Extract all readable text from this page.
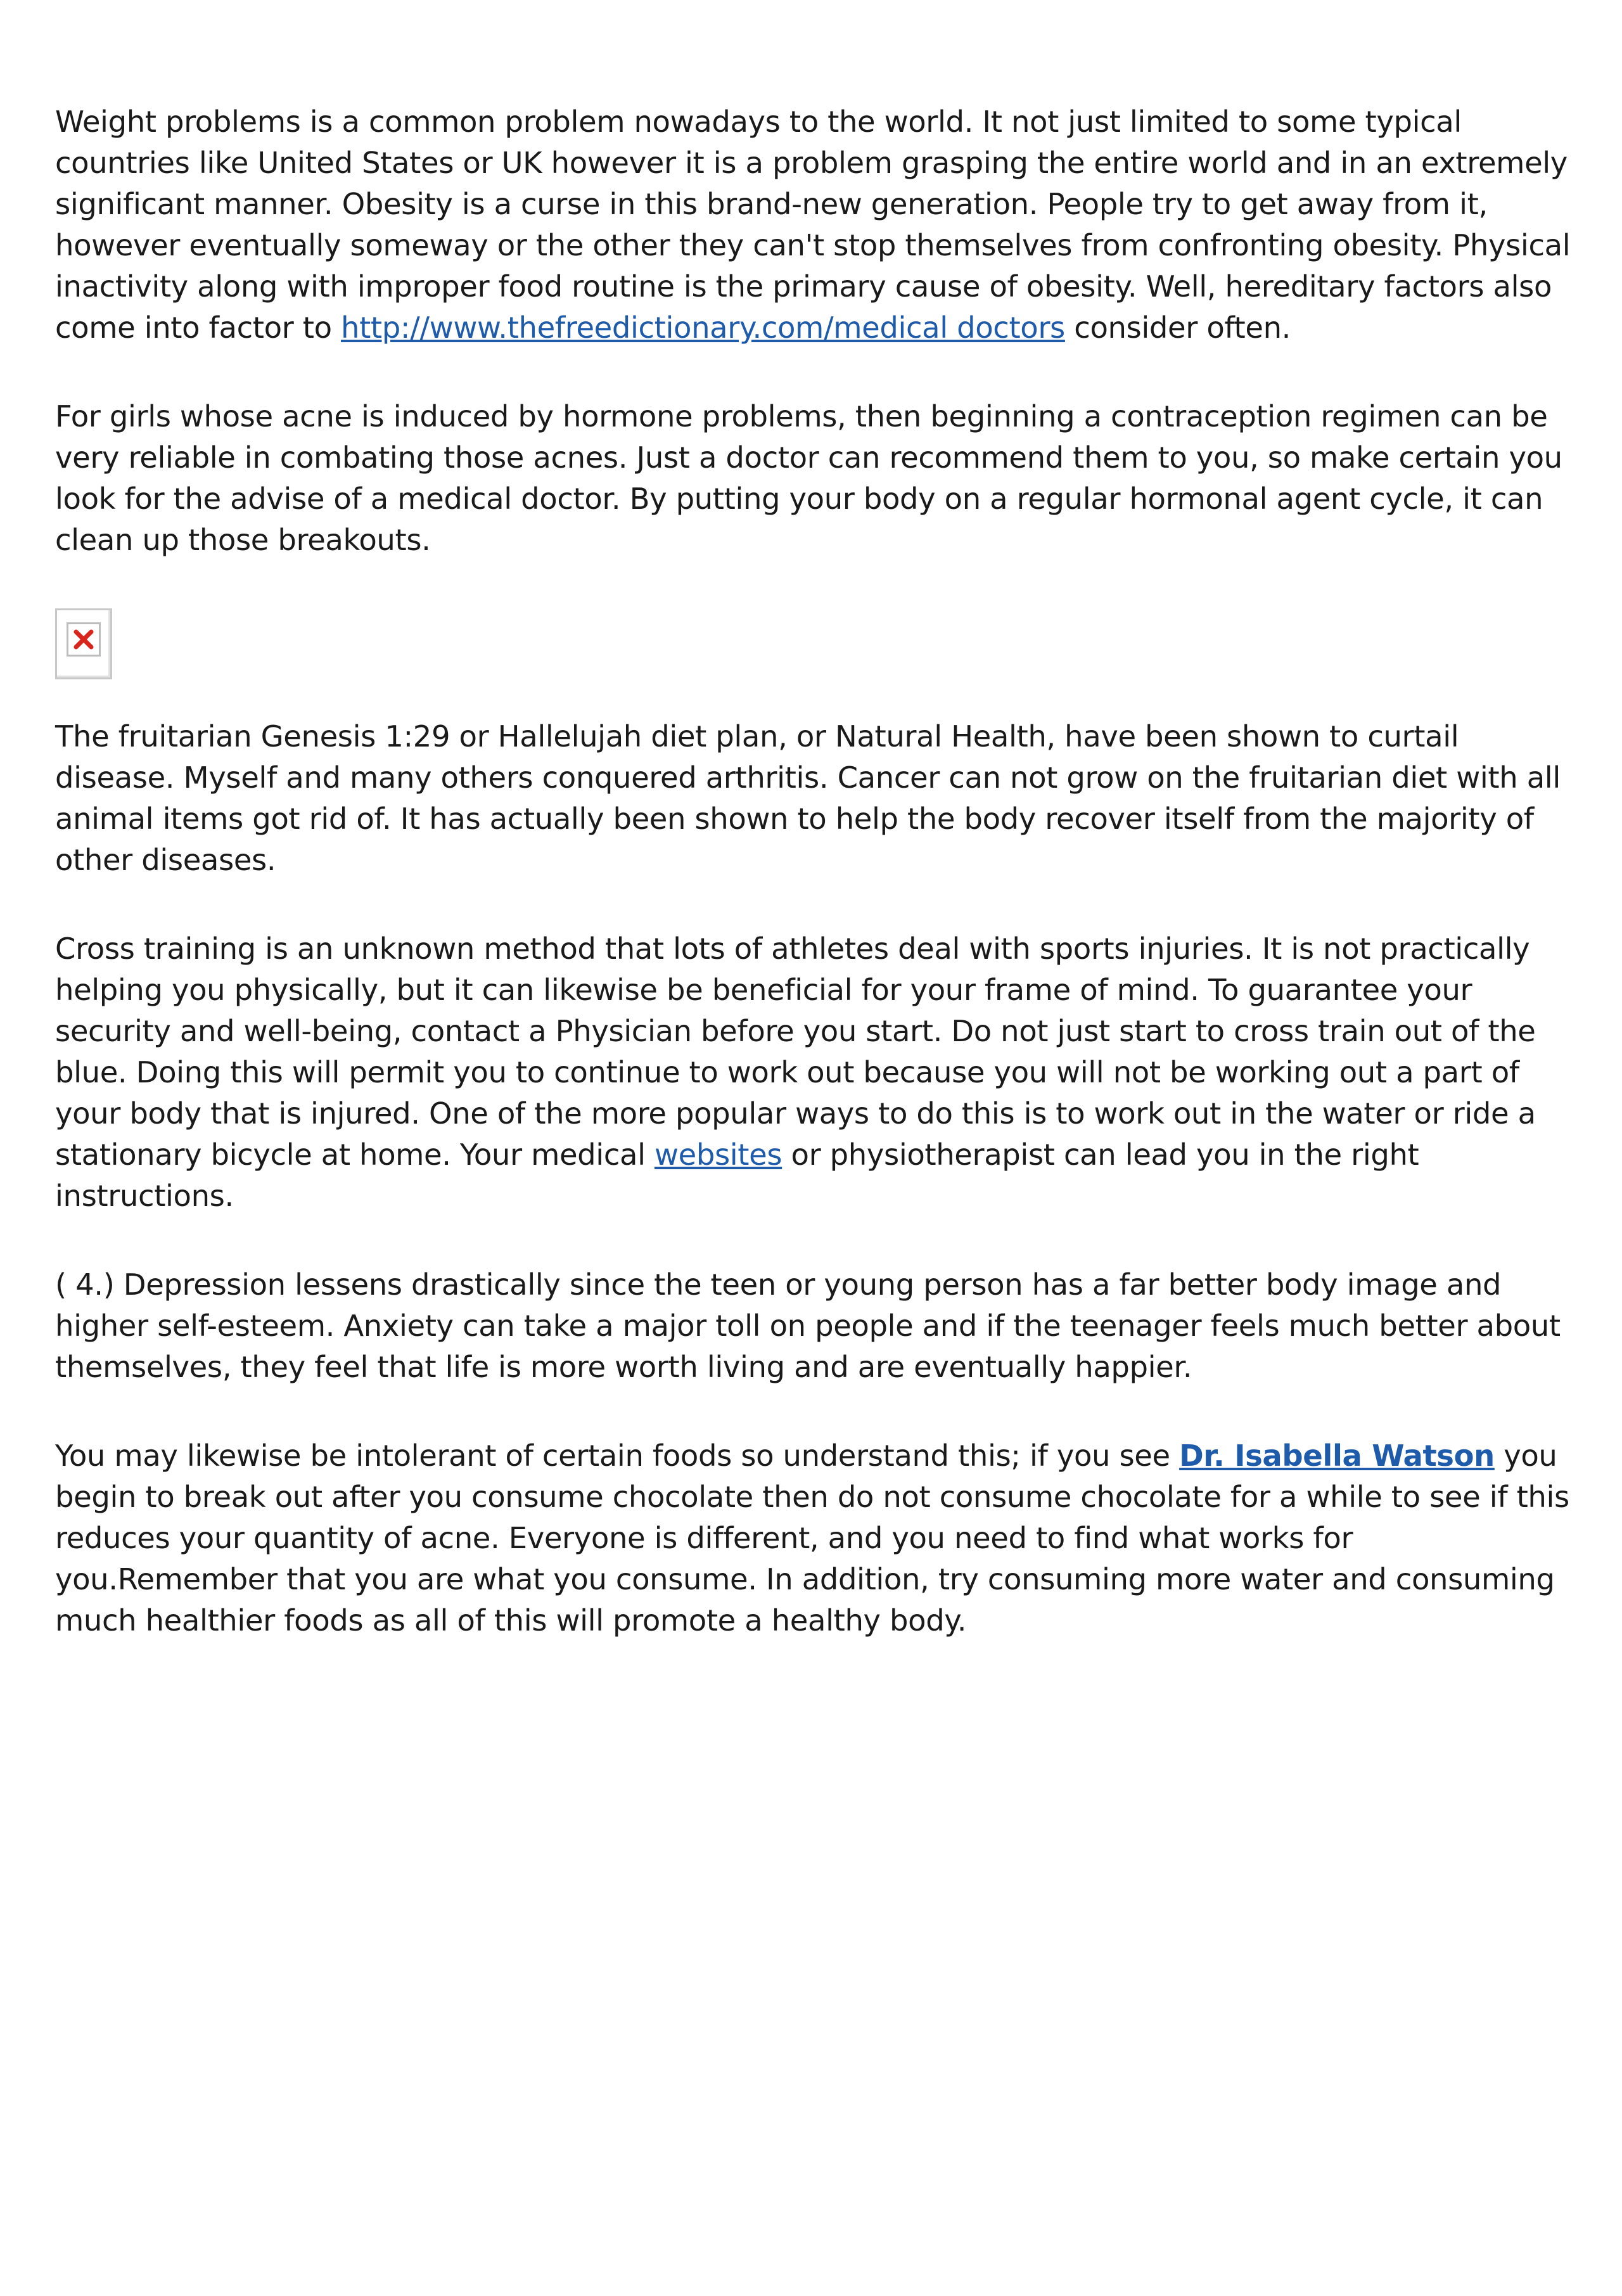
Weight problems is a common problem nowadays to the world. It not just limited to some typical countries like United States or UK however it is a problem grasping the entire world and in an extremely significant manner. Obesity is a curse in this brand-new generation. People try to get away from it, however eventually someway or the other they can't stop themselves from confronting obesity. Physical inactivity along with improper food routine is the primary cause of obesity. Well, hereditary factors also come into factor to http://www.thefreedictionary.com/medical doctors consider often.

For girls whose acne is induced by hormone problems, then beginning a contraception regimen can be very reliable in combating those acnes. Just a doctor can recommend them to you, so make certain you look for the advise of a medical doctor. By putting your body on a regular hormonal agent cycle, it can clean up those breakouts.

The fruitarian Genesis 1:29 or Hallelujah diet plan, or Natural Health, have been shown to curtail disease. Myself and many others conquered arthritis. Cancer can not grow on the fruitarian diet with all animal items got rid of. It has actually been shown to help the body recover itself from the majority of other diseases.

Cross training is an unknown method that lots of athletes deal with sports injuries. It is not practically helping you physically, but it can likewise be beneficial for your frame of mind. To guarantee your security and well-being, contact a Physician before you start. Do not just start to cross train out of the blue. Doing this will permit you to continue to work out because you will not be working out a part of your body that is injured. One of the more popular ways to do this is to work out in the water or ride a stationary bicycle at home. Your medical websites or physiotherapist can lead you in the right instructions.

( 4.) Depression lessens drastically since the teen or young person has a far better body image and higher self-esteem. Anxiety can take a major toll on people and if the teenager feels much better about themselves, they feel that life is more worth living and are eventually happier.

You may likewise be intolerant of certain foods so understand this; if you see Dr. Isabella Watson you begin to break out after you consume chocolate then do not consume chocolate for a while to see if this reduces your quantity of acne. Everyone is different, and you need to find what works for you.Remember that you are what you consume. In addition, try consuming more water and consuming much healthier foods as all of this will promote a healthy body.
